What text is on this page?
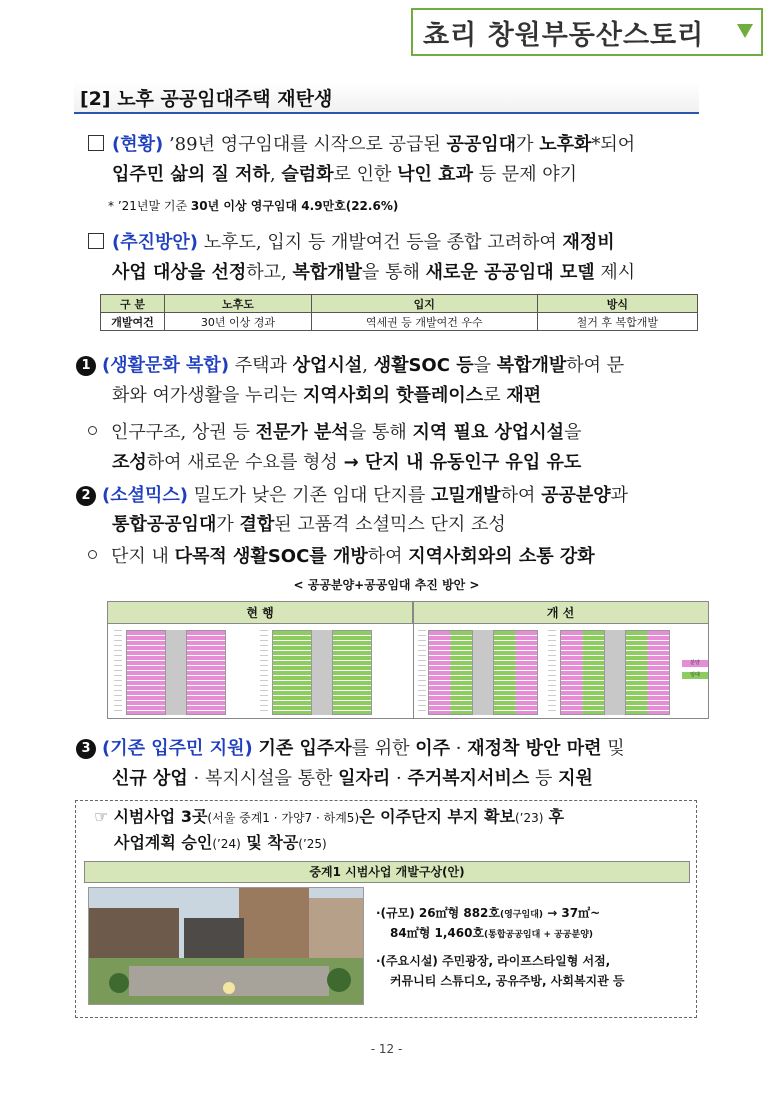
쵸리 창원부동산스토리
[2] 노후 공공임대주택 재탄생
(현황) ’89년 영구임대를 시작으로 공급된 공공임대가 노후화*되어
입주민 삶의 질 저하, 슬럼화로 인한 낙인 효과 등 문제 야기
* ’21년말 기준 30년 이상 영구임대 4.9만호(22.6%)
(추진방안) 노후도, 입지 등 개발여건 등을 종합 고려하여 재정비
사업 대상을 선정하고, 복합개발을 통해 새로운 공공임대 모델 제시
구 분	노후도	입지	방식
개발여건	30년 이상 경과	역세권 등 개발여건 우수	철거 후 복합개발
1 (생활문화 복합) 주택과 상업시설, 생활SOC 등을 복합개발하여 문
화와 여가생활을 누리는 지역사회의 핫플레이스로 재편
인구구조, 상권 등 전문가 분석을 통해 지역 필요 상업시설을
조성하여 새로운 수요를 형성 → 단지 내 유동인구 유입 유도
2 (소셜믹스) 밀도가 낮은 기존 임대 단지를 고밀개발하여 공공분양과
통합공공임대가 결합된 고품격 소셜믹스 단지 조성
단지 내 다목적 생활SOC를 개방하여 지역사회와의 소통 강화
< 공공분양+공공임대 추진 방안 >
현 행	개 선
분양
임대
3 (기존 입주민 지원) 기존 입주자를 위한 이주 · 재정착 방안 마련 및
신규 상업 · 복지시설을 통한 일자리 · 주거복지서비스 등 지원
☞ 시범사업 3곳(서울 중계1 · 가양7 · 하계5)은 이주단지 부지 확보(’23) 후
사업계획 승인(’24) 및 착공(’25)
중계1 시범사업 개발구상(안)
·(규모) 26㎡형 882호(영구임대) → 37㎡~
84㎡형 1,460호(통합공공임대 + 공공분양)
·(주요시설) 주민광장, 라이프스타일형 서점,
커뮤니티 스튜디오, 공유주방, 사회복지관 등
- 12 -
